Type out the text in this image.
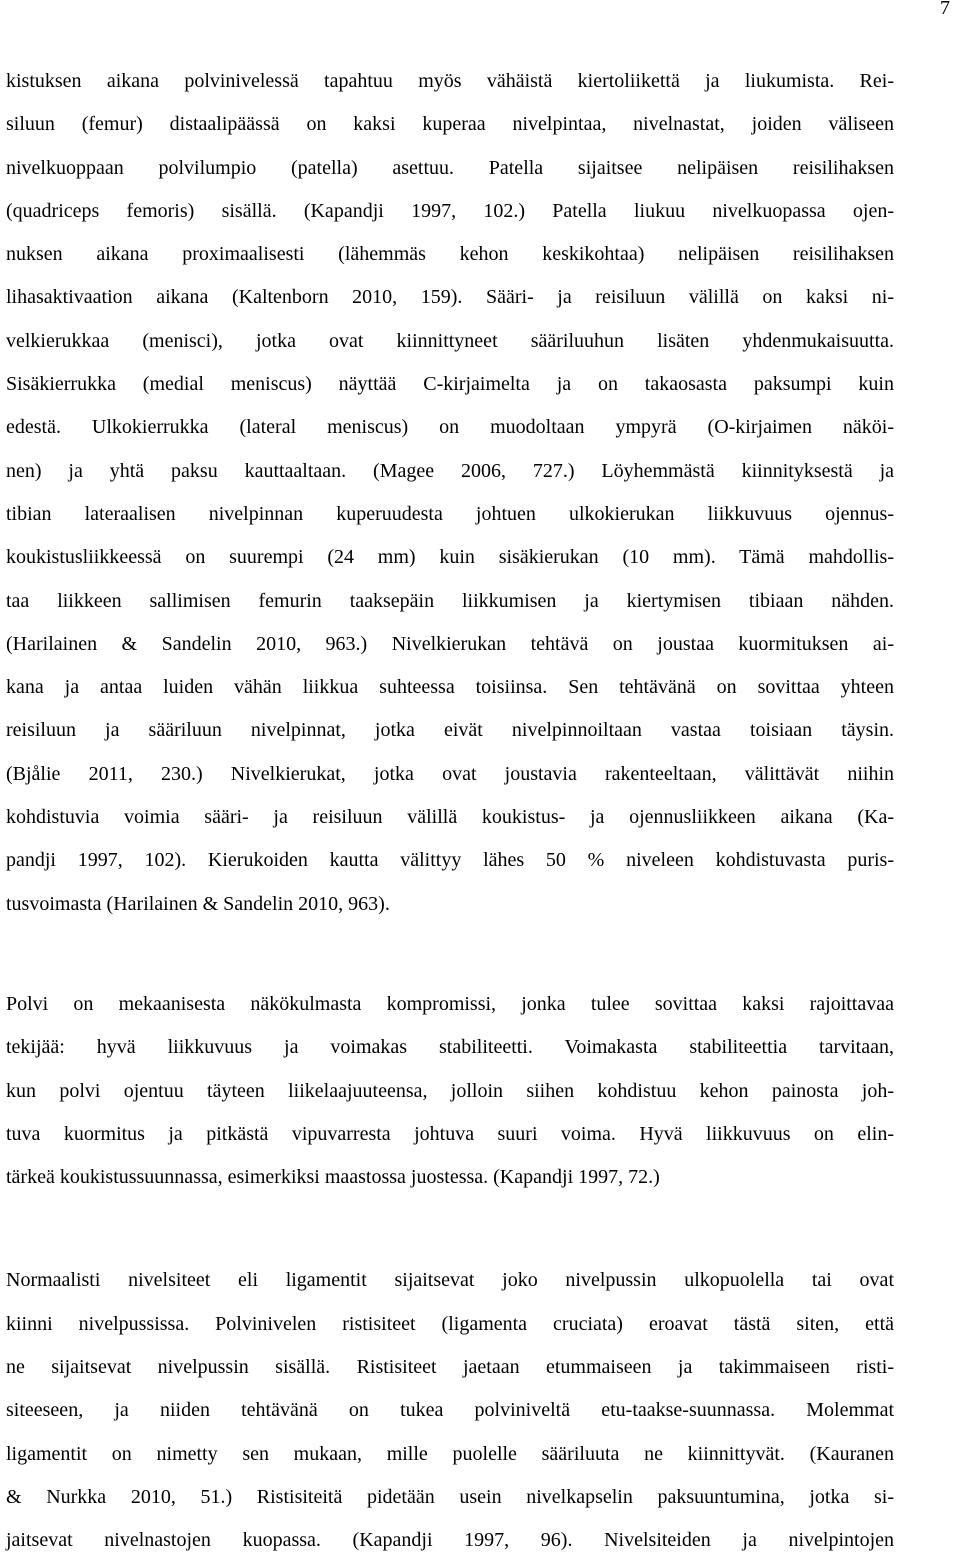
7
kistuksen aikana polvinivelessä tapahtuu myös vähäistä kiertoliikettä ja liukumista. Rei-
siluun (femur) distaalipäässä on kaksi kuperaa nivelpintaa, nivelnastat, joiden väliseen
nivelkuoppaan polvilumpio (patella) asettuu. Patella sijaitsee nelipäisen reisilihaksen
(quadriceps femoris) sisällä. (Kapandji 1997, 102.) Patella liukuu nivelkuopassa ojen-
nuksen aikana proximaalisesti (lähemmäs kehon keskikohtaa) nelipäisen reisilihaksen
lihasaktivaation aikana (Kaltenborn 2010, 159). Sääri- ja reisiluun välillä on kaksi ni-
velkierukkaa (menisci), jotka ovat kiinnittyneet sääriluuhun lisäten yhdenmukaisuutta.
Sisäkierrukka (medial meniscus) näyttää C-kirjaimelta ja on takaosasta paksumpi kuin
edestä. Ulkokierrukka (lateral meniscus) on muodoltaan ympyrä (O-kirjaimen näköi-
nen) ja yhtä paksu kauttaaltaan. (Magee 2006, 727.) Löyhemmästä kiinnityksestä ja
tibian lateraalisen nivelpinnan kuperuudesta johtuen ulkokierukan liikkuvuus ojennus-
koukistusliikkeessä on suurempi (24 mm) kuin sisäkierukan (10 mm). Tämä mahdollis-
taa liikkeen sallimisen femurin taaksepäin liikkumisen ja kiertymisen tibiaan nähden.
(Harilainen & Sandelin 2010, 963.) Nivelkierukan tehtävä on joustaa kuormituksen ai-
kana ja antaa luiden vähän liikkua suhteessa toisiinsa. Sen tehtävänä on sovittaa yhteen
reisiluun ja sääriluun nivelpinnat, jotka eivät nivelpinnoiltaan vastaa toisiaan täysin.
(Bjålie 2011, 230.) Nivelkierukat, jotka ovat joustavia rakenteeltaan, välittävät niihin
kohdistuvia voimia sääri- ja reisiluun välillä koukistus- ja ojennusliikkeen aikana (Ka-
pandji 1997, 102). Kierukoiden kautta välittyy lähes 50 % niveleen kohdistuvasta puris-
tusvoimasta (Harilainen & Sandelin 2010, 963).
Polvi on mekaanisesta näkökulmasta kompromissi, jonka tulee sovittaa kaksi rajoittavaa
tekijää: hyvä liikkuvuus ja voimakas stabiliteetti. Voimakasta stabiliteettia tarvitaan,
kun polvi ojentuu täyteen liikelaajuuteensa, jolloin siihen kohdistuu kehon painosta joh-
tuva kuormitus ja pitkästä vipuvarresta johtuva suuri voima. Hyvä liikkuvuus on elin-
tärkeä koukistussuunnassa, esimerkiksi maastossa juostessa. (Kapandji 1997, 72.)
Normaalisti nivelsiteet eli ligamentit sijaitsevat joko nivelpussin ulkopuolella tai ovat
kiinni nivelpussissa. Polvinivelen ristisiteet (ligamenta cruciata) eroavat tästä siten, että
ne sijaitsevat nivelpussin sisällä. Ristisiteet jaetaan etummaiseen ja takimmaiseen risti-
siteeseen, ja niiden tehtävänä on tukea polviniveltä etu-taakse-suunnassa. Molemmat
ligamentit on nimetty sen mukaan, mille puolelle sääriluuta ne kiinnittyvät. (Kauranen
& Nurkka 2010, 51.) Ristisiteitä pidetään usein nivelkapselin paksuuntumina, jotka si-
jaitsevat nivelnastojen kuopassa. (Kapandji 1997, 96). Nivelsiteiden ja nivelpintojen
